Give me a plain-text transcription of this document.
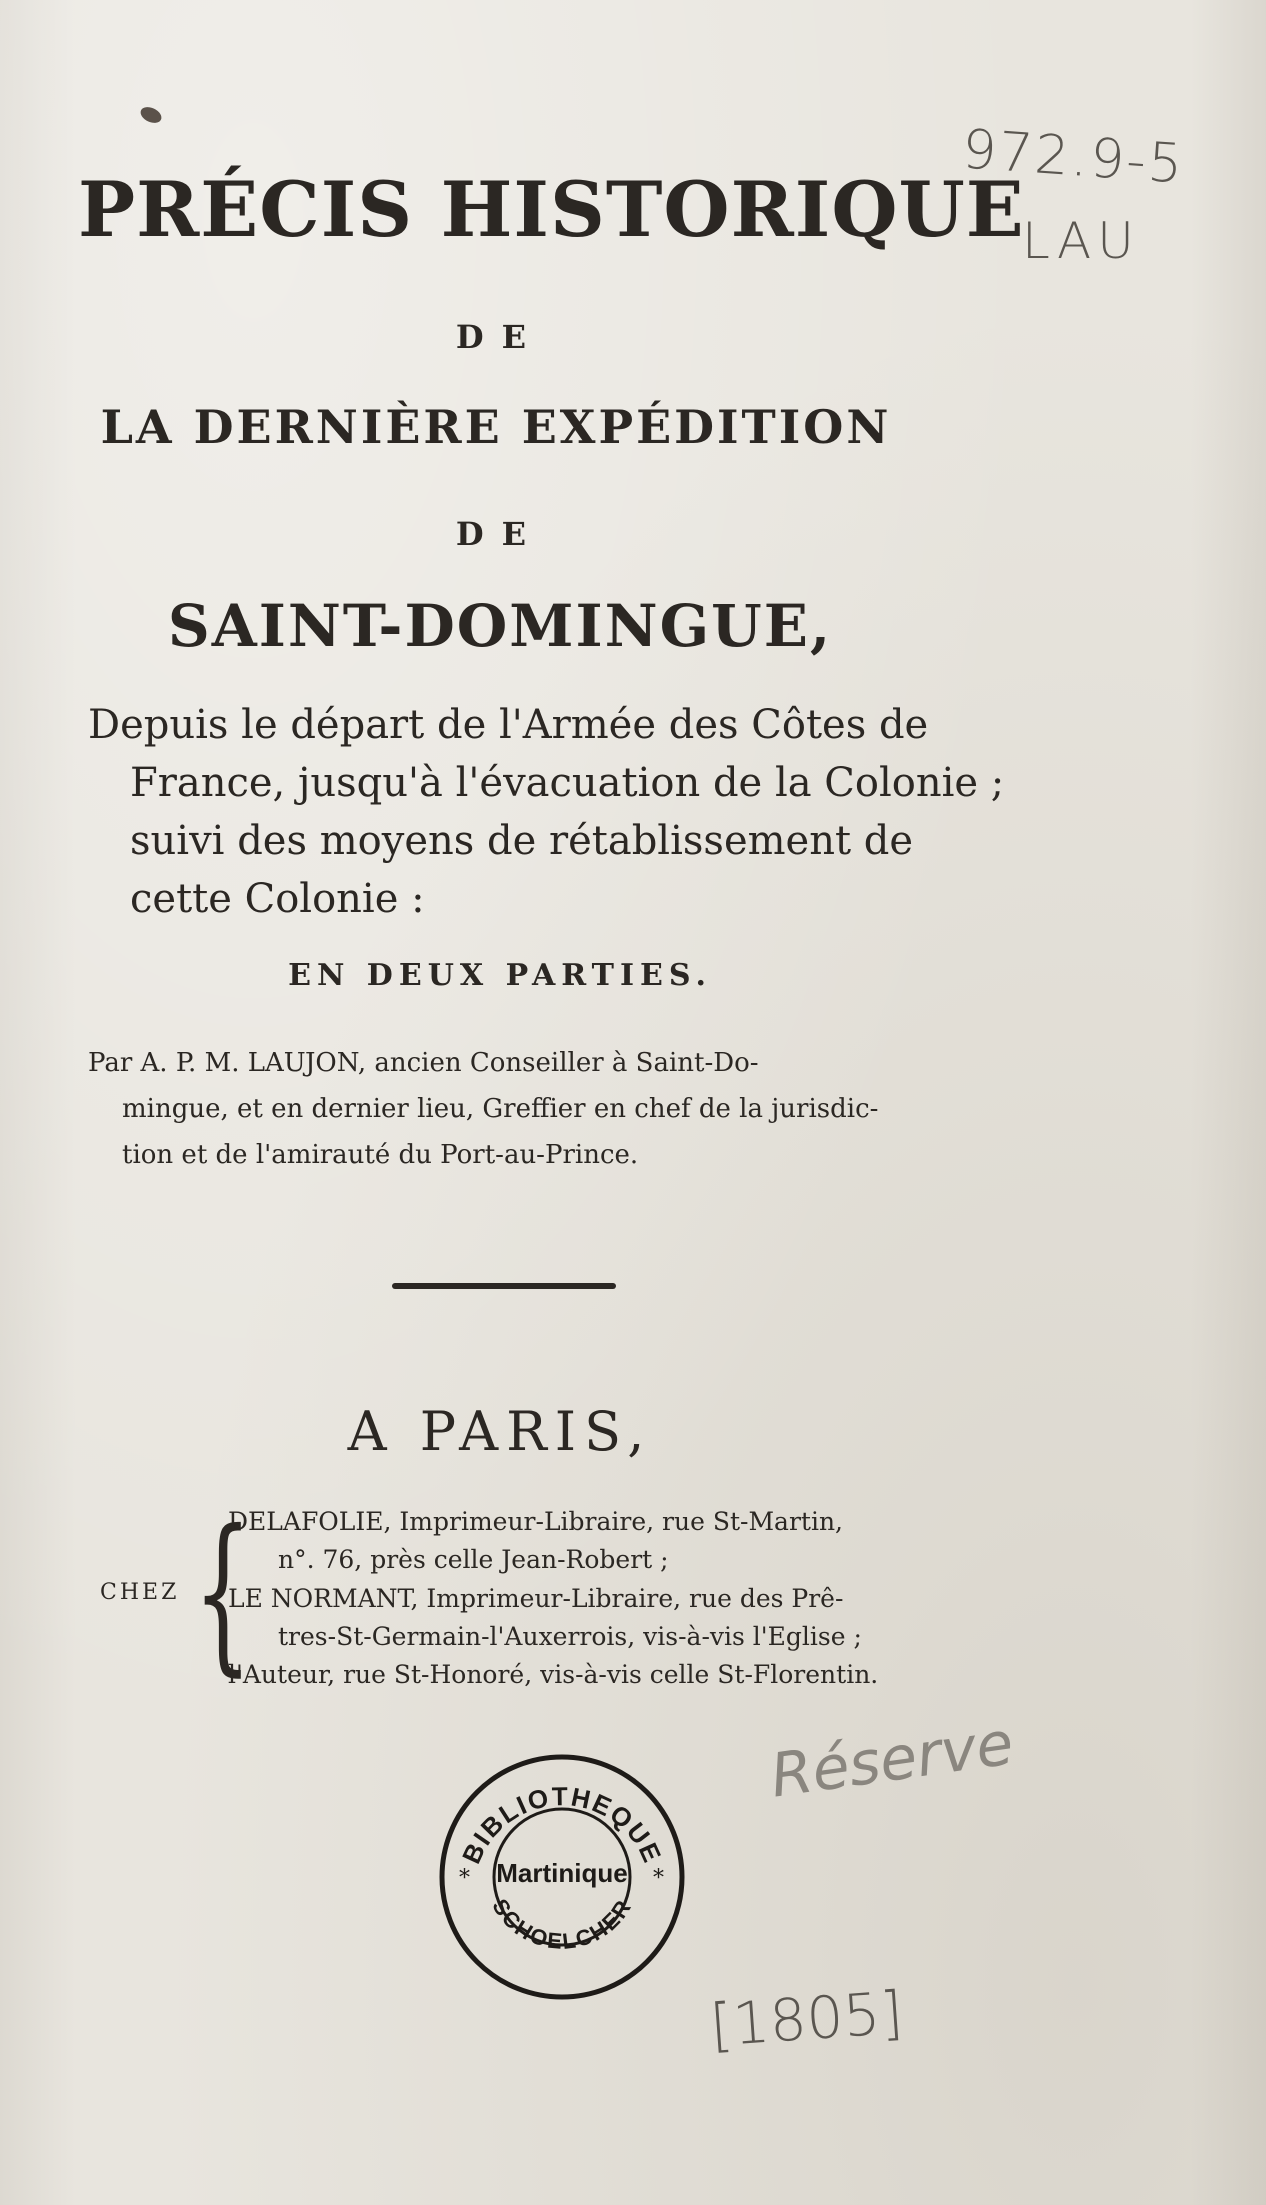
972.9-5
LAU
PRÉCIS HISTORIQUE
DE
LA DERNIÈRE EXPÉDITION
DE
SAINT-DOMINGUE,
Depuis le départ de l'Armée des Côtes de
France, jusqu'à l'évacuation de la Colonie ;
suivi des moyens de rétablissement de
cette Colonie :
EN DEUX PARTIES.
Par A. P. M. LAUJON, ancien Conseiller à Saint-Do-
mingue, et en dernier lieu, Greffier en chef de la jurisdic-
tion et de l'amirauté du Port-au-Prince.
A PARIS,
CHEZ {
DELAFOLIE, Imprimeur-Libraire, rue St-Martin,
n°. 76, près celle Jean-Robert ;
LE NORMANT, Imprimeur-Libraire, rue des Prê-
tres-St-Germain-l'Auxerrois, vis-à-vis l'Eglise ;
l'Auteur, rue St-Honoré, vis-à-vis celle St-Florentin.
Réserve
BIBLIOTHEQUE
SCHOELCHER
*	*
Martinique
[1805]
